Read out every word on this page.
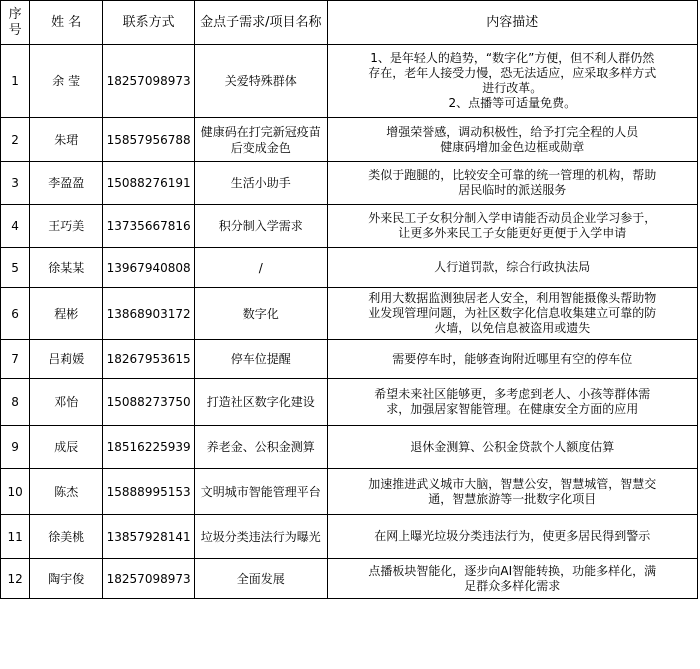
序号	姓 名	联系方式	金点子需求/项目名称	内容描述
1	余 莹	18257098973	关爱特殊群体	1、是年轻人的趋势，“数字化”方便，但不利人群仍然
存在，老年人接受力慢，恐无法适应，应采取多样方式
进行改革。
2、点播等可适量免费。

2	朱珺	15857956788	健康码在打完新冠疫苗后变成金色	增强荣誉感，调动积极性，给予打完全程的人员
健康码增加金色边框或勋章

3	李盈盈	15088276191	生活小助手	类似于跑腿的，比较安全可靠的统一管理的机构，帮助
居民临时的派送服务

4	王巧美	13735667816	积分制入学需求	外来民工子女积分制入学申请能否动员企业学习参于，
让更多外来民工子女能更好更便于入学申请

5	徐某某	13967940808	/	人行道罚款，综合行政执法局

6	程彬	13868903172	数字化	利用大数据监测独居老人安全，利用智能摄像头帮助物
业发现管理问题，为社区数字化信息收集建立可靠的防
火墙，以免信息被盗用或遗失

7	吕莉媛	18267953615	停车位提醒	需要停车时，能够查询附近哪里有空的停车位

8	邓怡	15088273750	打造社区数字化建设	希望未来社区能够更，多考虑到老人、小孩等群体需
求，加强居家智能管理。在健康安全方面的应用

9	成辰	18516225939	养老金、公积金测算	退休金测算、公积金贷款个人额度估算

10	陈杰	15888995153	文明城市智能管理平台	加速推进武义城市大脑，智慧公安，智慧城管，智慧交
通，智慧旅游等一批数字化项目

11	徐美桃	13857928141	垃圾分类违法行为曝光	在网上曝光垃圾分类违法行为，使更多居民得到警示

12	陶宇俊	18257098973	全面发展	点播板块智能化，逐步向AI智能转换，功能多样化，满
足群众多样化需求
